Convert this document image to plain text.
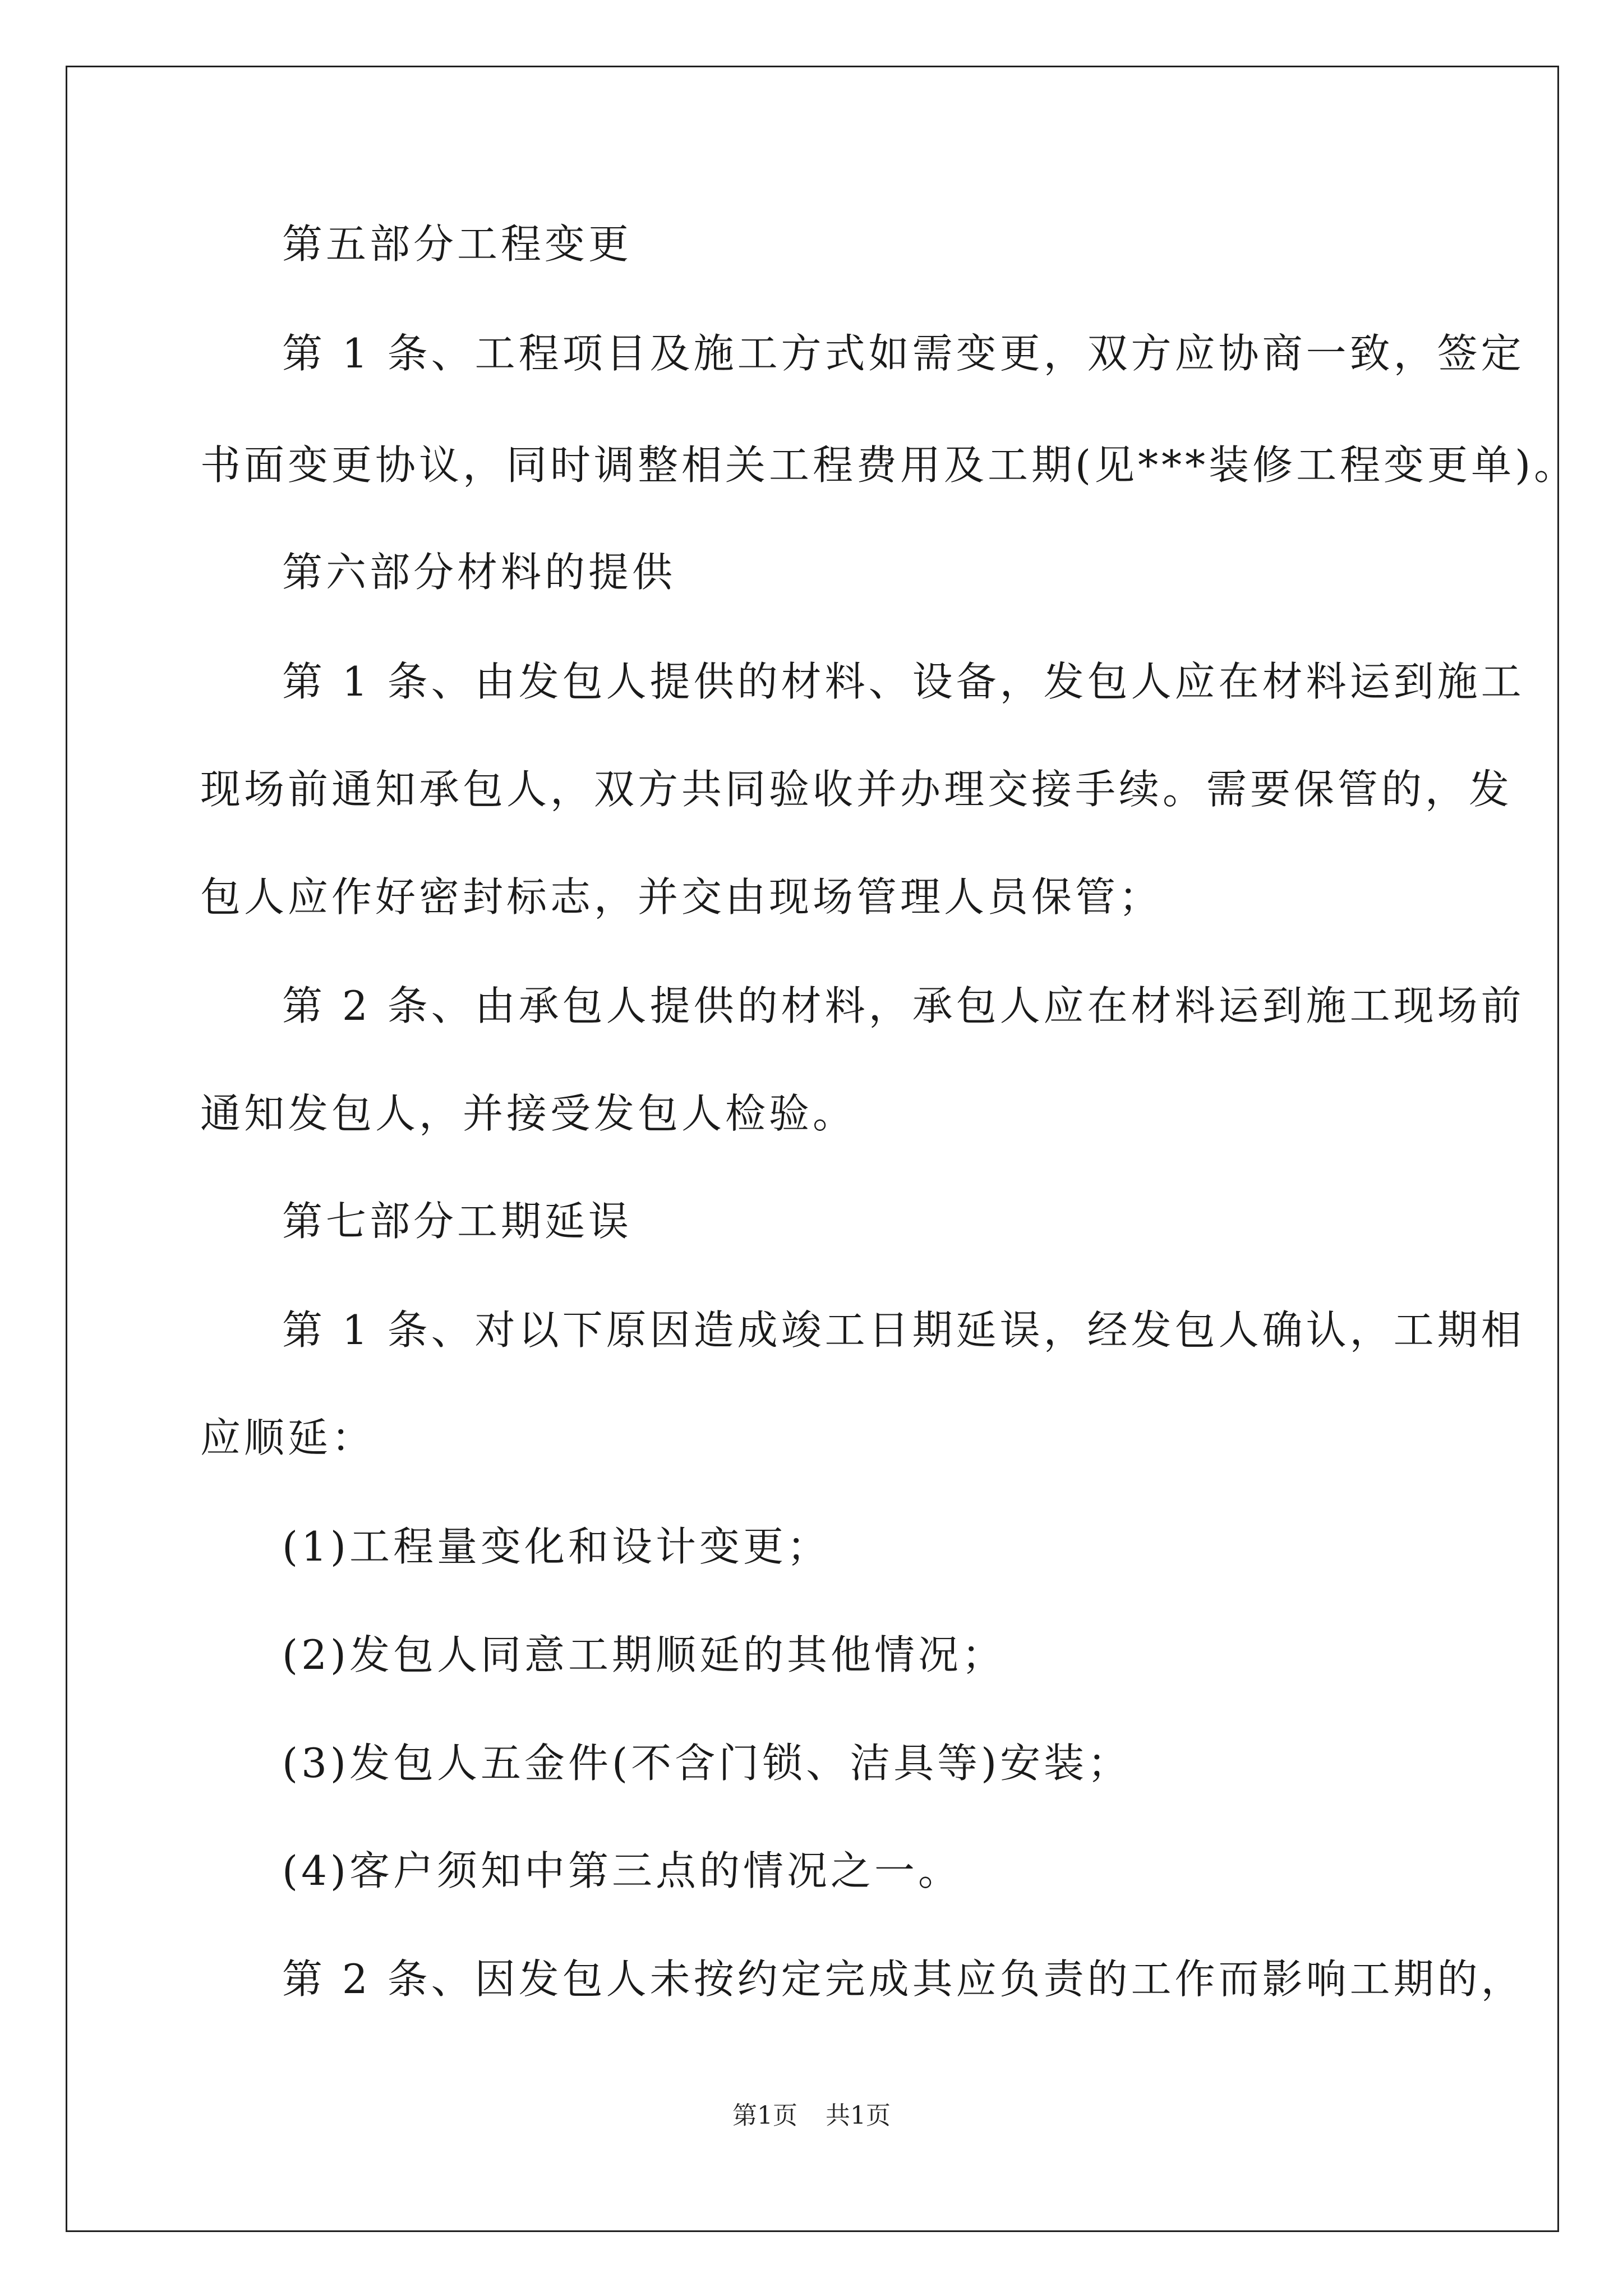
第五部分工程变更
第 1 条、工程项目及施工方式如需变更，双方应协商一致，签定
书面变更协议，同时调整相关工程费用及工期(见***装修工程变更单)。
第六部分材料的提供
第 1 条、由发包人提供的材料、设备，发包人应在材料运到施工
现场前通知承包人，双方共同验收并办理交接手续。需要保管的，发
包人应作好密封标志，并交由现场管理人员保管；
第 2 条、由承包人提供的材料，承包人应在材料运到施工现场前
通知发包人，并接受发包人检验。
第七部分工期延误
第 1 条、对以下原因造成竣工日期延误，经发包人确认，工期相
应顺延：
(1)工程量变化和设计变更；
(2)发包人同意工期顺延的其他情况；
(3)发包人五金件(不含门锁、洁具等)安装；
(4)客户须知中第三点的情况之一。
第 2 条、因发包人未按约定完成其应负责的工作而影响工期的，
第1页 共1页
